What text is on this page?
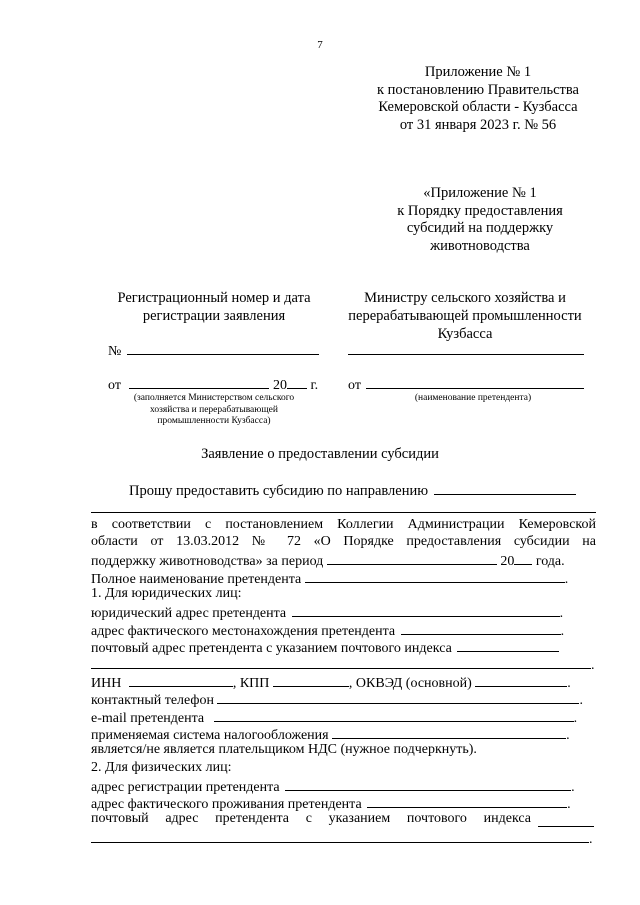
7
Приложение № 1
к постановлению Правительства
Кемеровской области - Кузбасса
от 31 января 2023 г. № 56
«Приложение № 1
к Порядку предоставления
субсидий на поддержку
животноводства
Регистрационный номер и дата
регистрации заявления
№
от	20 г.
(заполняется Министерством сельского
хозяйства и перерабатывающей
промышленности Кузбасса)
Министру сельского хозяйства и
перерабатывающей промышленности
Кузбасса
от
(наименование претендента)
Заявление о предоставлении субсидии
Прошу предоставить субсидию по направлению
в соответствии с постановлением Коллегии Администрации Кемеровской
области от 13.03.2012 № 72 «О Порядке предоставления субсидии на
поддержку животноводства» за период	20 года.
Полное наименование претендента	.
1. Для юридических лиц:
юридический адрес претендента	.
адрес фактического местонахождения претендента	.
почтовый адрес претендента с указанием почтового индекса
.
ИНН	, КПП	, ОКВЭД (основной)	.
контактный телефон	.
e-mail претендента	.
применяемая система налогообложения	.
является/не является плательщиком НДС (нужное подчеркнуть).
2. Для физических лиц:
адрес регистрации претендента	.
адрес фактического проживания претендента	.
почтовый адрес претендента с указанием почтового индекса
.
